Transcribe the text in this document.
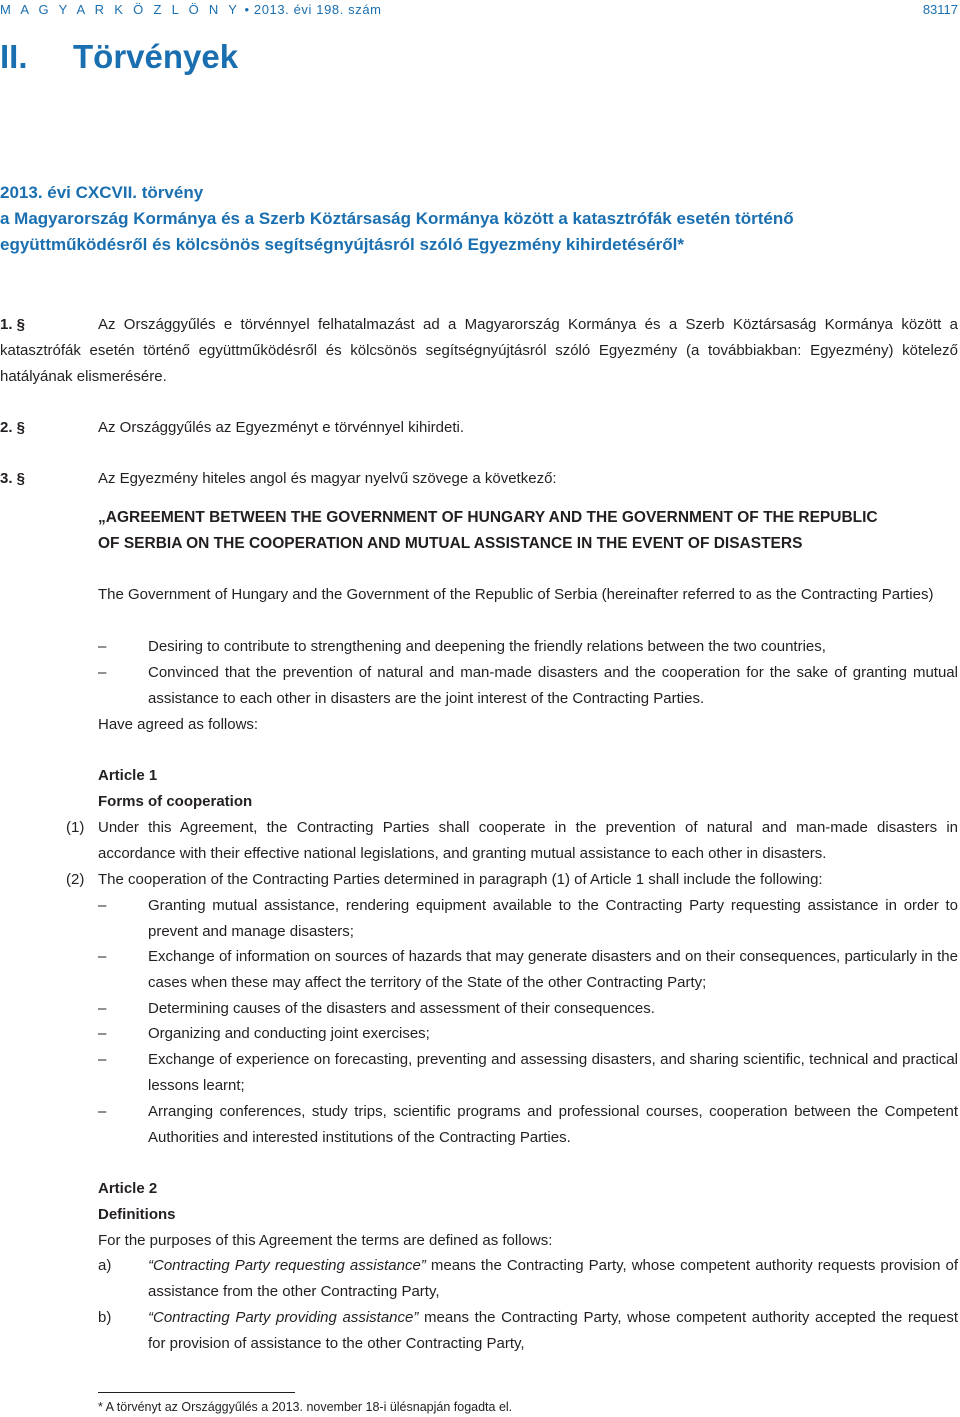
M A G Y A R K Ö Z L Ö N Y • 2013. évi 198. szám	83117
II. Törvények
2013. évi CXCVII. törvény
a Magyarország Kormánya és a Szerb Köztársaság Kormánya között a katasztrófák esetén történő
együttműködésről és kölcsönös segítségnyújtásról szóló Egyezmény kihirdetéséről*
1. §	Az Országgyűlés e törvénnyel felhatalmazást ad a Magyarország Kormánya és a Szerb Köztársaság Kormánya között a katasztrófák esetén történő együttműködésről és kölcsönös segítségnyújtásról szóló Egyezmény (a továbbiakban: Egyezmény) kötelező hatályának elismerésére.
2. §	Az Országgyűlés az Egyezményt e törvénnyel kihirdeti.
3. §	Az Egyezmény hiteles angol és magyar nyelvű szövege a következő:
„AGREEMENT BETWEEN THE GOVERNMENT OF HUNGARY AND THE GOVERNMENT OF THE REPUBLIC
OF SERBIA ON THE COOPERATION AND MUTUAL ASSISTANCE IN THE EVENT OF DISASTERS
The Government of Hungary and the Government of the Republic of Serbia (hereinafter referred to as the Contracting Parties)
–	Desiring to contribute to strengthening and deepening the friendly relations between the two countries,
–	Convinced that the prevention of natural and man-made disasters and the cooperation for the sake of granting mutual assistance to each other in disasters are the joint interest of the Contracting Parties.
Have agreed as follows:
Article 1
Forms of cooperation
(1) Under this Agreement, the Contracting Parties shall cooperate in the prevention of natural and man-made disasters in accordance with their effective national legislations, and granting mutual assistance to each other in disasters.
(2) The cooperation of the Contracting Parties determined in paragraph (1) of Article 1 shall include the following:
–	Granting mutual assistance, rendering equipment available to the Contracting Party requesting assistance in order to prevent and manage disasters;
–	Exchange of information on sources of hazards that may generate disasters and on their consequences, particularly in the cases when these may affect the territory of the State of the other Contracting Party;
–	Determining causes of the disasters and assessment of their consequences.
–	Organizing and conducting joint exercises;
–	Exchange of experience on forecasting, preventing and assessing disasters, and sharing scientific, technical and practical lessons learnt;
–	Arranging conferences, study trips, scientific programs and professional courses, cooperation between the Competent Authorities and interested institutions of the Contracting Parties.
Article 2
Definitions
For the purposes of this Agreement the terms are defined as follows:
a) “Contracting Party requesting assistance” means the Contracting Party, whose competent authority requests provision of assistance from the other Contracting Party,
b) “Contracting Party providing assistance” means the Contracting Party, whose competent authority accepted the request for provision of assistance to the other Contracting Party,
* A törvényt az Országgyűlés a 2013. november 18-i ülésnapján fogadta el.
